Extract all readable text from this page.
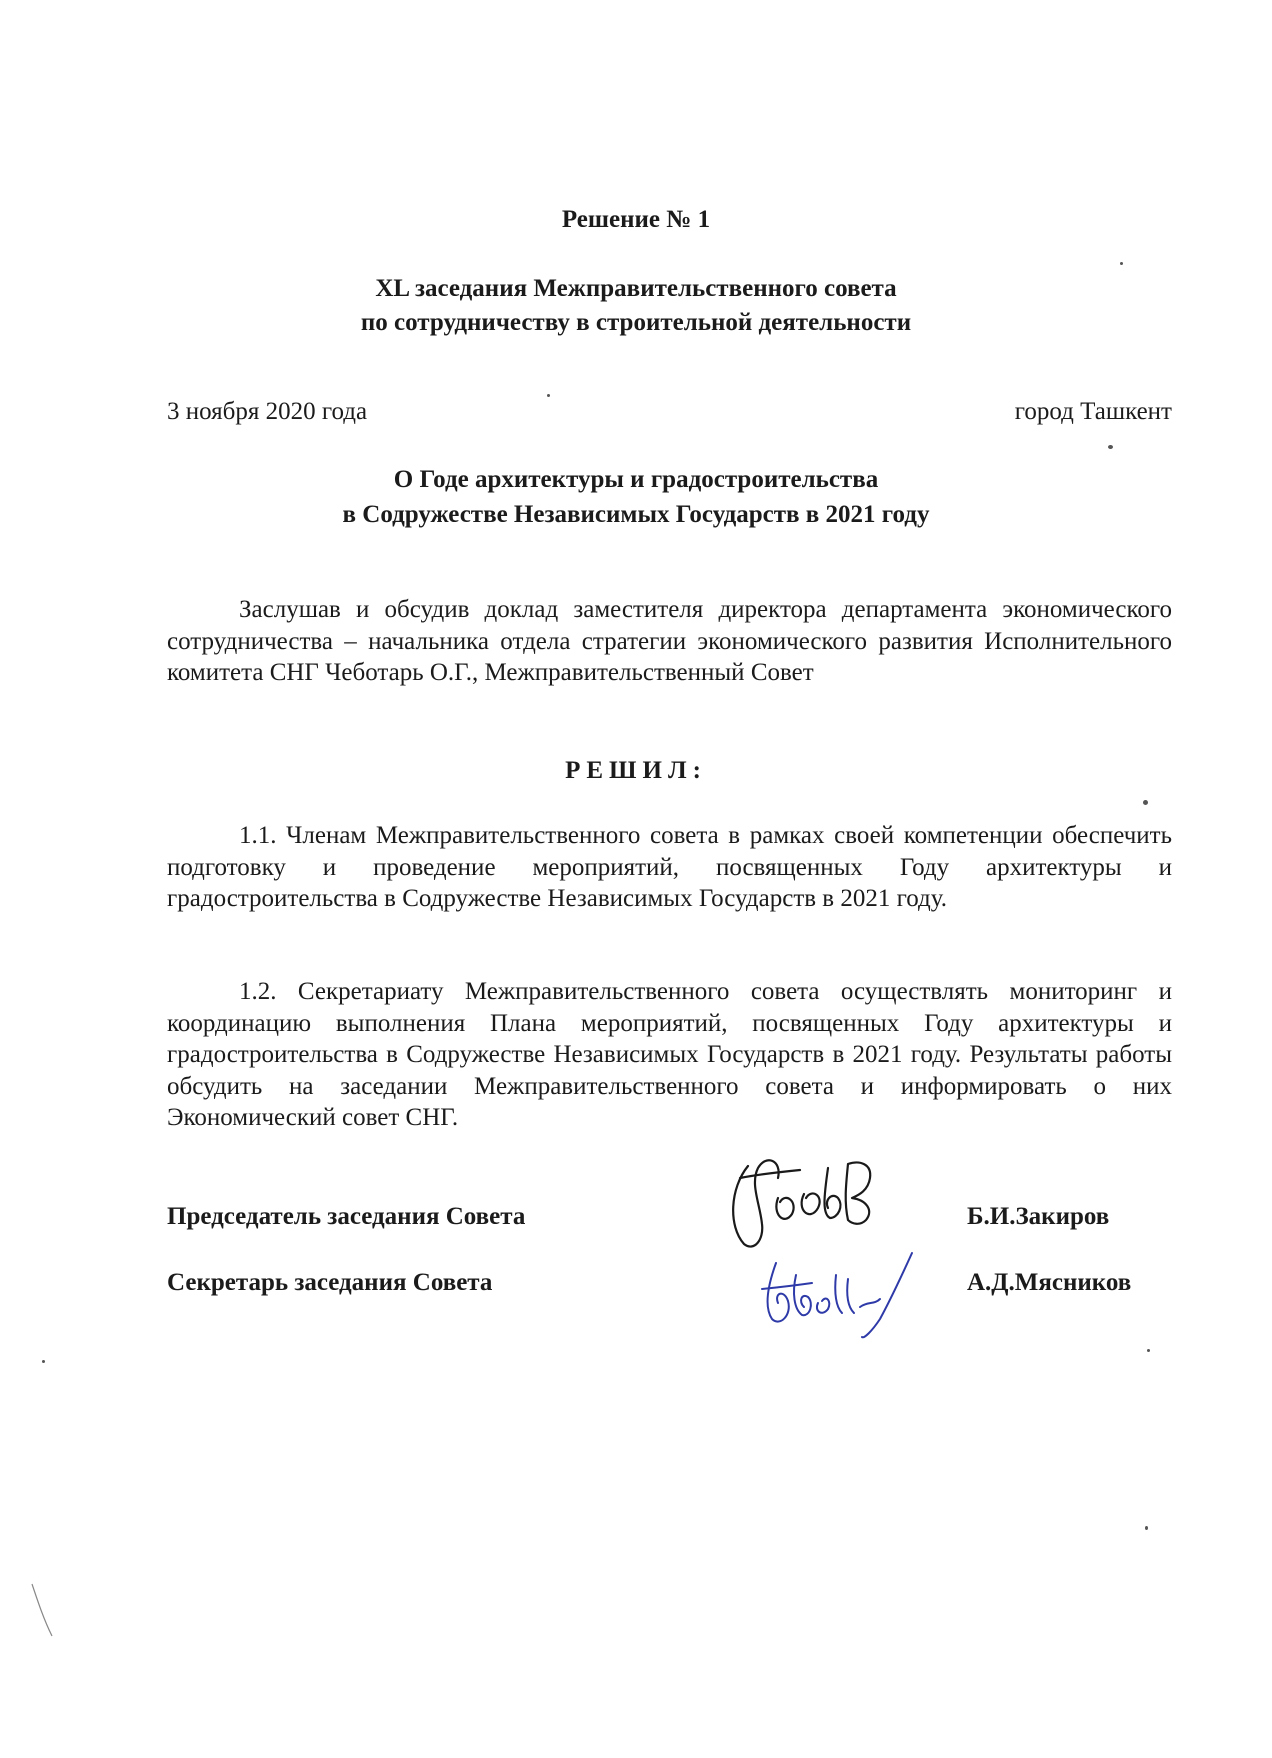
Решение № 1
XL заседания Межправительственного совета
по сотрудничеству в строительной деятельности
3 ноября 2020 года	город Ташкент
О Годе архитектуры и градостроительства
в Содружестве Независимых Государств в 2021 году
Заслушав и обсудив доклад заместителя директора департамента экономического сотрудничества – начальника отдела стратегии экономического развития Исполнительного комитета СНГ Чеботарь О.Г., Межправительственный Совет
РЕШИЛ:
1.1. Членам Межправительственного совета в рамках своей компетенции обеспечить подготовку и проведение мероприятий, посвященных Году архитектуры и градостроительства в Содружестве Независимых Государств в 2021 году.
1.2. Секретариату Межправительственного совета осуществлять мониторинг и координацию выполнения Плана мероприятий, посвященных Году архитектуры и градостроительства в Содружестве Независимых Государств в 2021 году. Результаты работы обсудить на заседании Межправительственного совета и информировать о них Экономический совет СНГ.
Председатель заседания Совета	Б.И.Закиров
Секретарь заседания Совета	А.Д.Мясников
